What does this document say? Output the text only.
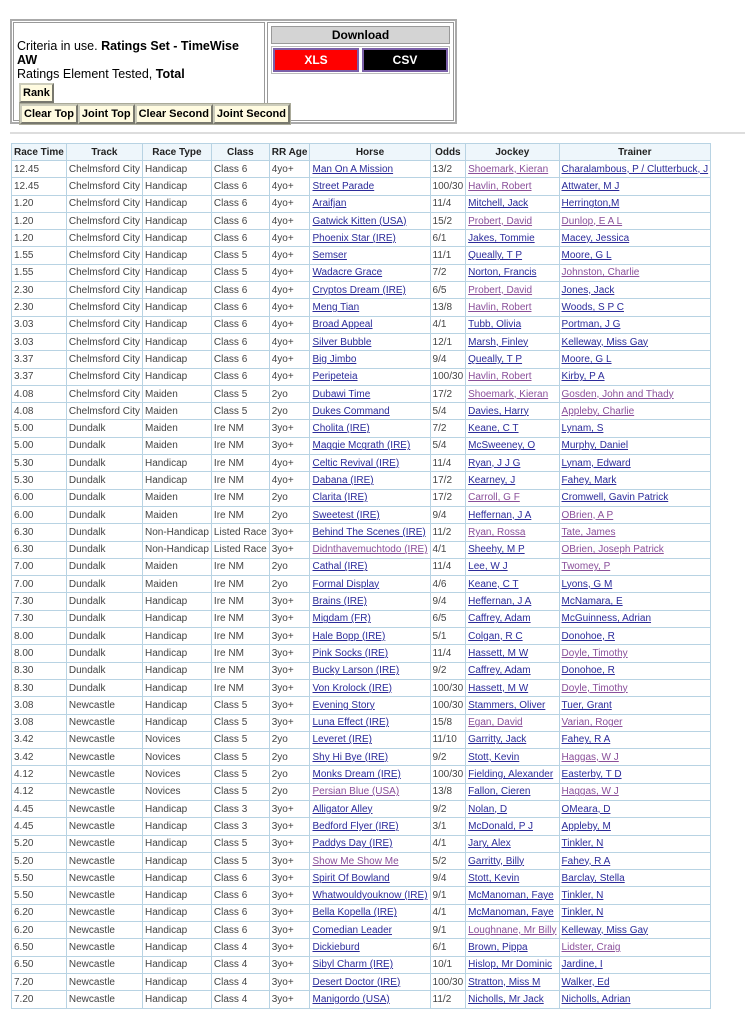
Criteria in use. Ratings Set - TimeWise AW
Ratings Element Tested, Total
Rank
Clear Top Joint Top Clear Second Joint Second
Download
XLS	CSV
Race Time	Track	Race Type	Class	RR Age	Horse	Odds	Jockey	Trainer
12.45	Chelmsford City	Handicap	Class 6	4yo+	Man On A Mission	13/2	Shoemark, Kieran	Charalambous, P / Clutterbuck, J
12.45	Chelmsford City	Handicap	Class 6	4yo+	Street Parade	100/30	Havlin, Robert	Attwater, M J
1.20	Chelmsford City	Handicap	Class 6	4yo+	Araifjan	11/4	Mitchell, Jack	Herrington,M
1.20	Chelmsford City	Handicap	Class 6	4yo+	Gatwick Kitten (USA)	15/2	Probert, David	Dunlop, E A L
1.20	Chelmsford City	Handicap	Class 6	4yo+	Phoenix Star (IRE)	6/1	Jakes, Tommie	Macey, Jessica
1.55	Chelmsford City	Handicap	Class 5	4yo+	Semser	11/1	Queally, T P	Moore, G L
1.55	Chelmsford City	Handicap	Class 5	4yo+	Wadacre Grace	7/2	Norton, Francis	Johnston, Charlie
2.30	Chelmsford City	Handicap	Class 6	4yo+	Cryptos Dream (IRE)	6/5	Probert, David	Jones, Jack
2.30	Chelmsford City	Handicap	Class 6	4yo+	Meng Tian	13/8	Havlin, Robert	Woods, S P C
3.03	Chelmsford City	Handicap	Class 6	4yo+	Broad Appeal	4/1	Tubb, Olivia	Portman, J G
3.03	Chelmsford City	Handicap	Class 6	4yo+	Silver Bubble	12/1	Marsh, Finley	Kelleway, Miss Gay
3.37	Chelmsford City	Handicap	Class 6	4yo+	Big Jimbo	9/4	Queally, T P	Moore, G L
3.37	Chelmsford City	Handicap	Class 6	4yo+	Peripeteia	100/30	Havlin, Robert	Kirby, P A
4.08	Chelmsford City	Maiden	Class 5	2yo	Dubawi Time	17/2	Shoemark, Kieran	Gosden, John and Thady
4.08	Chelmsford City	Maiden	Class 5	2yo	Dukes Command	5/4	Davies, Harry	Appleby, Charlie
5.00	Dundalk	Maiden	Ire NM	3yo+	Cholita (IRE)	7/2	Keane, C T	Lynam, S
5.00	Dundalk	Maiden	Ire NM	3yo+	Maggie Mcgrath (IRE)	5/4	McSweeney, O	Murphy, Daniel
5.30	Dundalk	Handicap	Ire NM	4yo+	Celtic Revival (IRE)	11/4	Ryan, J J G	Lynam, Edward
5.30	Dundalk	Handicap	Ire NM	4yo+	Dabana (IRE)	17/2	Kearney, J	Fahey, Mark
6.00	Dundalk	Maiden	Ire NM	2yo	Clarita (IRE)	17/2	Carroll, G F	Cromwell, Gavin Patrick
6.00	Dundalk	Maiden	Ire NM	2yo	Sweetest (IRE)	9/4	Heffernan, J A	OBrien, A P
6.30	Dundalk	Non-Handicap	Listed Race	3yo+	Behind The Scenes (IRE)	11/2	Ryan, Rossa	Tate, James
6.30	Dundalk	Non-Handicap	Listed Race	3yo+	Didnthavemuchtodo (IRE)	4/1	Sheehy, M P	OBrien, Joseph Patrick
7.00	Dundalk	Maiden	Ire NM	2yo	Cathal (IRE)	11/4	Lee, W J	Twomey, P
7.00	Dundalk	Maiden	Ire NM	2yo	Formal Display	4/6	Keane, C T	Lyons, G M
7.30	Dundalk	Handicap	Ire NM	3yo+	Brains (IRE)	9/4	Heffernan, J A	McNamara, E
7.30	Dundalk	Handicap	Ire NM	3yo+	Migdam (FR)	6/5	Caffrey, Adam	McGuinness, Adrian
8.00	Dundalk	Handicap	Ire NM	3yo+	Hale Bopp (IRE)	5/1	Colgan, R C	Donohoe, R
8.00	Dundalk	Handicap	Ire NM	3yo+	Pink Socks (IRE)	11/4	Hassett, M W	Doyle, Timothy
8.30	Dundalk	Handicap	Ire NM	3yo+	Bucky Larson (IRE)	9/2	Caffrey, Adam	Donohoe, R
8.30	Dundalk	Handicap	Ire NM	3yo+	Von Krolock (IRE)	100/30	Hassett, M W	Doyle, Timothy
3.08	Newcastle	Handicap	Class 5	3yo+	Evening Story	100/30	Stammers, Oliver	Tuer, Grant
3.08	Newcastle	Handicap	Class 5	3yo+	Luna Effect (IRE)	15/8	Egan, David	Varian, Roger
3.42	Newcastle	Novices	Class 5	2yo	Leveret (IRE)	11/10	Garritty, Jack	Fahey, R A
3.42	Newcastle	Novices	Class 5	2yo	Shy Hi Bye (IRE)	9/2	Stott, Kevin	Haggas, W J
4.12	Newcastle	Novices	Class 5	2yo	Monks Dream (IRE)	100/30	Fielding, Alexander	Easterby, T D
4.12	Newcastle	Novices	Class 5	2yo	Persian Blue (USA)	13/8	Fallon, Cieren	Haggas, W J
4.45	Newcastle	Handicap	Class 3	3yo+	Alligator Alley	9/2	Nolan, D	OMeara, D
4.45	Newcastle	Handicap	Class 3	3yo+	Bedford Flyer (IRE)	3/1	McDonald, P J	Appleby, M
5.20	Newcastle	Handicap	Class 5	3yo+	Paddys Day (IRE)	4/1	Jary, Alex	Tinkler, N
5.20	Newcastle	Handicap	Class 5	3yo+	Show Me Show Me	5/2	Garritty, Billy	Fahey, R A
5.50	Newcastle	Handicap	Class 6	3yo+	Spirit Of Bowland	9/4	Stott, Kevin	Barclay, Stella
5.50	Newcastle	Handicap	Class 6	3yo+	Whatwouldyouknow (IRE)	9/1	McManoman, Faye	Tinkler, N
6.20	Newcastle	Handicap	Class 6	3yo+	Bella Kopella (IRE)	4/1	McManoman, Faye	Tinkler, N
6.20	Newcastle	Handicap	Class 6	3yo+	Comedian Leader	9/1	Loughnane, Mr Billy	Kelleway, Miss Gay
6.50	Newcastle	Handicap	Class 4	3yo+	Dickieburd	6/1	Brown, Pippa	Lidster, Craig
6.50	Newcastle	Handicap	Class 4	3yo+	Sibyl Charm (IRE)	10/1	Hislop, Mr Dominic	Jardine, I
7.20	Newcastle	Handicap	Class 4	3yo+	Desert Doctor (IRE)	100/30	Stratton, Miss M	Walker, Ed
7.20	Newcastle	Handicap	Class 4	3yo+	Manigordo (USA)	11/2	Nicholls, Mr Jack	Nicholls, Adrian
